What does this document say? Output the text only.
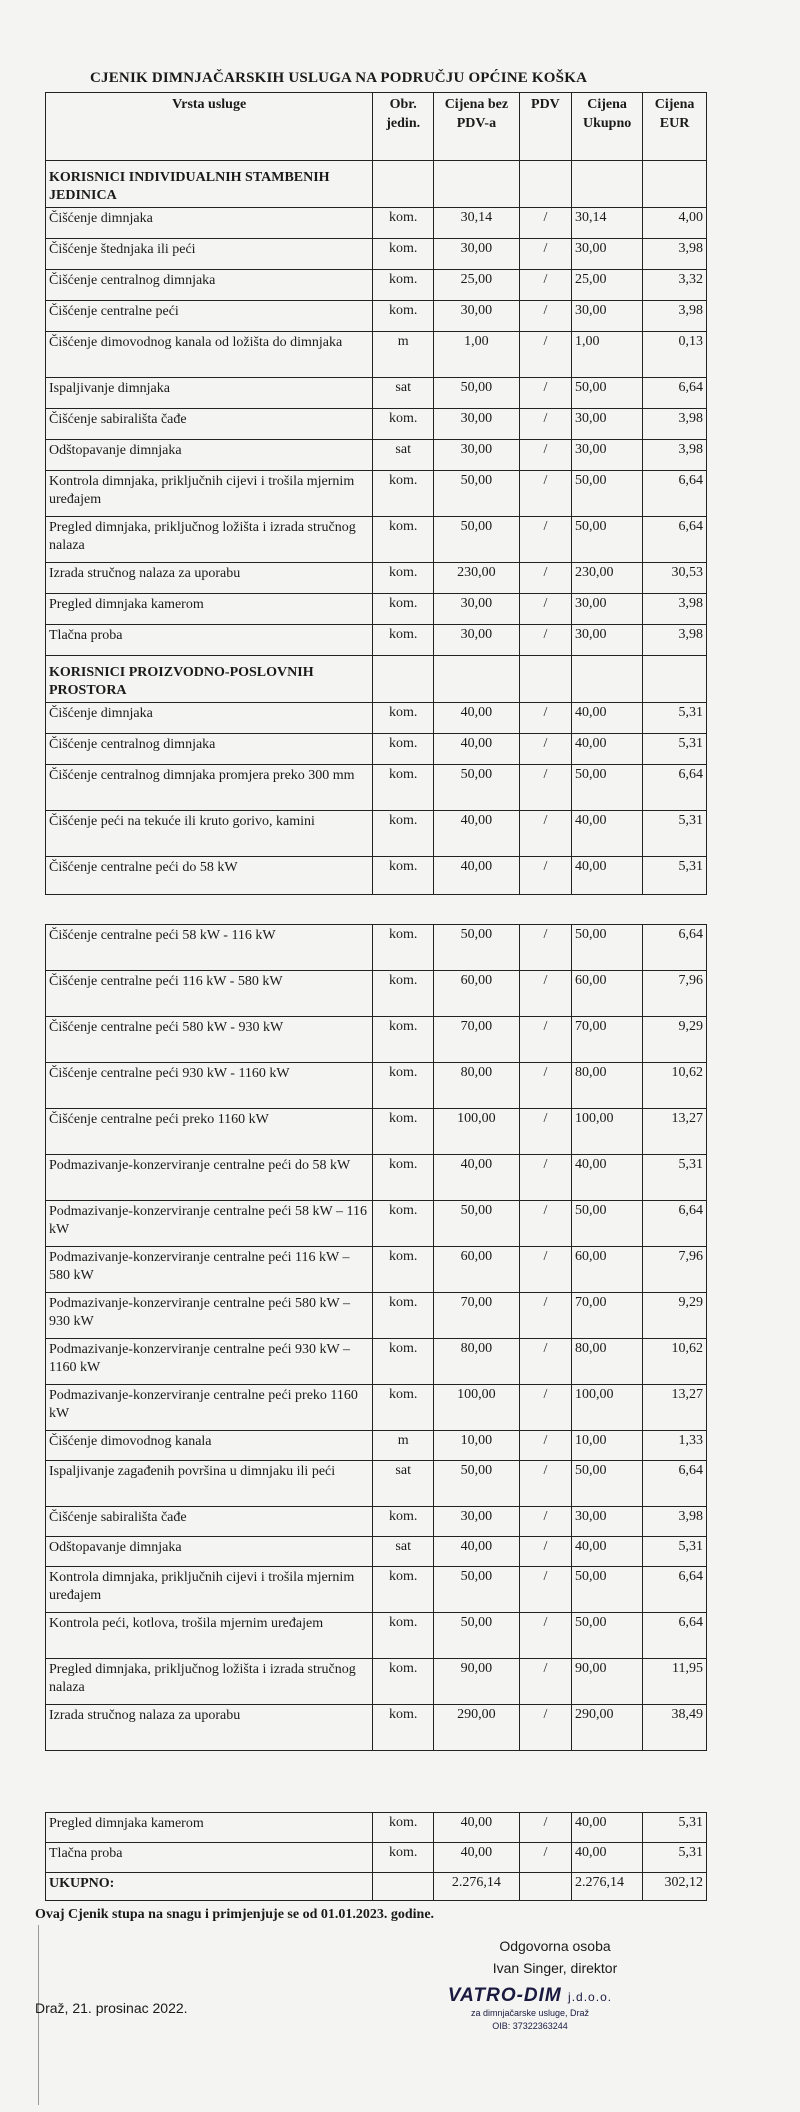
CJENIK DIMNJAČARSKIH USLUGA NA PODRUČJU OPĆINE KOŠKA
Vrsta usluge	Obr. jedin.	Cijena bez PDV-a	PDV	Cijena Ukupno	Cijena EUR
KORISNICI INDIVIDUALNIH STAMBENIH JEDINICA					
Čišćenje dimnjaka	kom.	30,14	/	30,14	4,00
Čišćenje štednjaka ili peći	kom.	30,00	/	30,00	3,98
Čišćenje centralnog dimnjaka	kom.	25,00	/	25,00	3,32
Čišćenje centralne peći	kom.	30,00	/	30,00	3,98
Čišćenje dimovodnog kanala od ložišta do dimnjaka	m	1,00	/	1,00	0,13
Ispaljivanje dimnjaka	sat	50,00	/	50,00	6,64
Čišćenje sabirališta čađe	kom.	30,00	/	30,00	3,98
Odštopavanje dimnjaka	sat	30,00	/	30,00	3,98
Kontrola dimnjaka, priključnih cijevi i trošila mjernim uređajem	kom.	50,00	/	50,00	6,64
Pregled dimnjaka, priključnog ložišta i izrada stručnog nalaza	kom.	50,00	/	50,00	6,64
Izrada stručnog nalaza za uporabu	kom.	230,00	/	230,00	30,53
Pregled dimnjaka kamerom	kom.	30,00	/	30,00	3,98
Tlačna proba	kom.	30,00	/	30,00	3,98
KORISNICI PROIZVODNO-POSLOVNIH PROSTORA					
Čišćenje dimnjaka	kom.	40,00	/	40,00	5,31
Čišćenje centralnog dimnjaka	kom.	40,00	/	40,00	5,31
Čišćenje centralnog dimnjaka promjera preko 300 mm	kom.	50,00	/	50,00	6,64
Čišćenje peći na tekuće ili kruto gorivo, kamini	kom.	40,00	/	40,00	5,31
Čišćenje centralne peći do 58 kW	kom.	40,00	/	40,00	5,31
Čišćenje centralne peći 58 kW - 116 kW	kom.	50,00	/	50,00	6,64
Čišćenje centralne peći 116 kW - 580 kW	kom.	60,00	/	60,00	7,96
Čišćenje centralne peći 580 kW - 930 kW	kom.	70,00	/	70,00	9,29
Čišćenje centralne peći 930 kW - 1160 kW	kom.	80,00	/	80,00	10,62
Čišćenje centralne peći preko 1160 kW	kom.	100,00	/	100,00	13,27
Podmazivanje-konzerviranje centralne peći do 58 kW	kom.	40,00	/	40,00	5,31
Podmazivanje-konzerviranje centralne peći 58 kW – 116 kW	kom.	50,00	/	50,00	6,64
Podmazivanje-konzerviranje centralne peći 116 kW – 580 kW	kom.	60,00	/	60,00	7,96
Podmazivanje-konzerviranje centralne peći 580 kW – 930 kW	kom.	70,00	/	70,00	9,29
Podmazivanje-konzerviranje centralne peći 930 kW – 1160 kW	kom.	80,00	/	80,00	10,62
Podmazivanje-konzerviranje centralne peći preko 1160 kW	kom.	100,00	/	100,00	13,27
Čišćenje dimovodnog kanala	m	10,00	/	10,00	1,33
Ispaljivanje zagađenih površina u dimnjaku ili peći	sat	50,00	/	50,00	6,64
Čišćenje sabirališta čađe	kom.	30,00	/	30,00	3,98
Odštopavanje dimnjaka	sat	40,00	/	40,00	5,31
Kontrola dimnjaka, priključnih cijevi i trošila mjernim uređajem	kom.	50,00	/	50,00	6,64
Kontrola peći, kotlova, trošila mjernim uređajem	kom.	50,00	/	50,00	6,64
Pregled dimnjaka, priključnog ložišta i izrada stručnog nalaza	kom.	90,00	/	90,00	11,95
Izrada stručnog nalaza za uporabu	kom.	290,00	/	290,00	38,49
Pregled dimnjaka kamerom	kom.	40,00	/	40,00	5,31
Tlačna proba	kom.	40,00	/	40,00	5,31
UKUPNO:		2.276,14		2.276,14	302,12
Ovaj Cjenik stupa na snagu i primjenjuje se od 01.01.2023. godine.
Odgovorna osoba
Ivan Singer, direktor
VATRO-DIM j.d.o.o.
za dimnjačarske usluge, Draž
OIB: 37322363244
Draž, 21. prosinac 2022.
